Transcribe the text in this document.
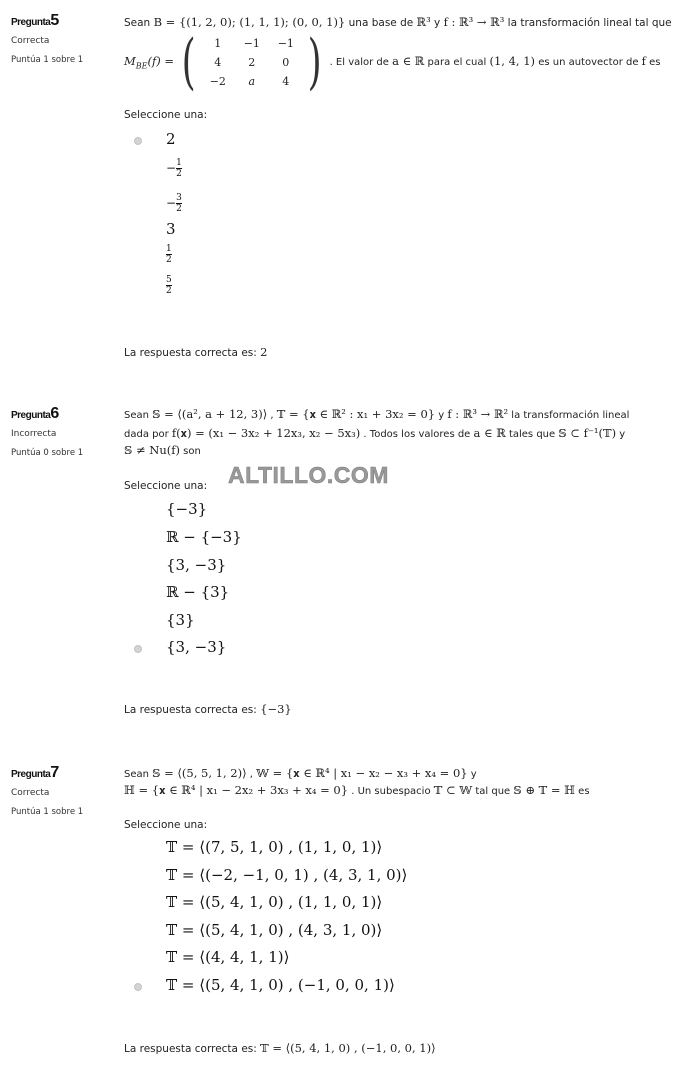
Pregunta5
Correcta
Puntúa 1 sobre 1
Sean B = {(1, 2, 0); (1, 1, 1); (0, 0, 1)} una base de ℝ³ y f : ℝ³ → ℝ³ la transformación lineal tal que
$M_{BE}(f)$ = ( 1	−1	−1
4	2	0
−2	a	4 ) . El valor de a ∈ ℝ para el cual (1, 4, 1) es un autovector de f es
Seleccione una:
2
− $\frac{1}{2}$
− $\frac{3}{2}$
3
$\frac{1}{2}$
$\frac{5}{2}$
La respuesta correcta es: 2
Pregunta6
Incorrecta
Puntúa 0 sobre 1
Sean 𝕊 = ⟨(a², a + 12, 3)⟩ , 𝕋 = {𝐱 ∈ ℝ² : x₁ + 3x₂ = 0} y f : ℝ³ → ℝ² la transformación lineal
dada por f(𝐱) = (x₁ − 3x₂ + 12x₃, x₂ − 5x₃) . Todos los valores de a ∈ ℝ tales que 𝕊 ⊂ f⁻¹(𝕋) y
𝕊 ≠ Nu(f) son
Seleccione una:
{−3}
ℝ − {−3}
{3, −3}
ℝ − {3}
{3}
{3, −3}
La respuesta correcta es: {−3}
ALTILLO.COM
Pregunta7
Correcta
Puntúa 1 sobre 1
Sean 𝕊 = ⟨(5, 5, 1, 2)⟩ , 𝕎 = {𝐱 ∈ ℝ⁴ | x₁ − x₂ − x₃ + x₄ = 0} y
ℍ = {𝐱 ∈ ℝ⁴ | x₁ − 2x₂ + 3x₃ + x₄ = 0} . Un subespacio 𝕋 ⊂ 𝕎 tal que 𝕊 ⊕ 𝕋 = ℍ es
Seleccione una:
𝕋 = ⟨(7, 5, 1, 0) , (1, 1, 0, 1)⟩
𝕋 = ⟨(−2, −1, 0, 1) , (4, 3, 1, 0)⟩
𝕋 = ⟨(5, 4, 1, 0) , (1, 1, 0, 1)⟩
𝕋 = ⟨(5, 4, 1, 0) , (4, 3, 1, 0)⟩
𝕋 = ⟨(4, 4, 1, 1)⟩
𝕋 = ⟨(5, 4, 1, 0) , (−1, 0, 0, 1)⟩
La respuesta correcta es: 𝕋 = ⟨(5, 4, 1, 0) , (−1, 0, 0, 1)⟩
